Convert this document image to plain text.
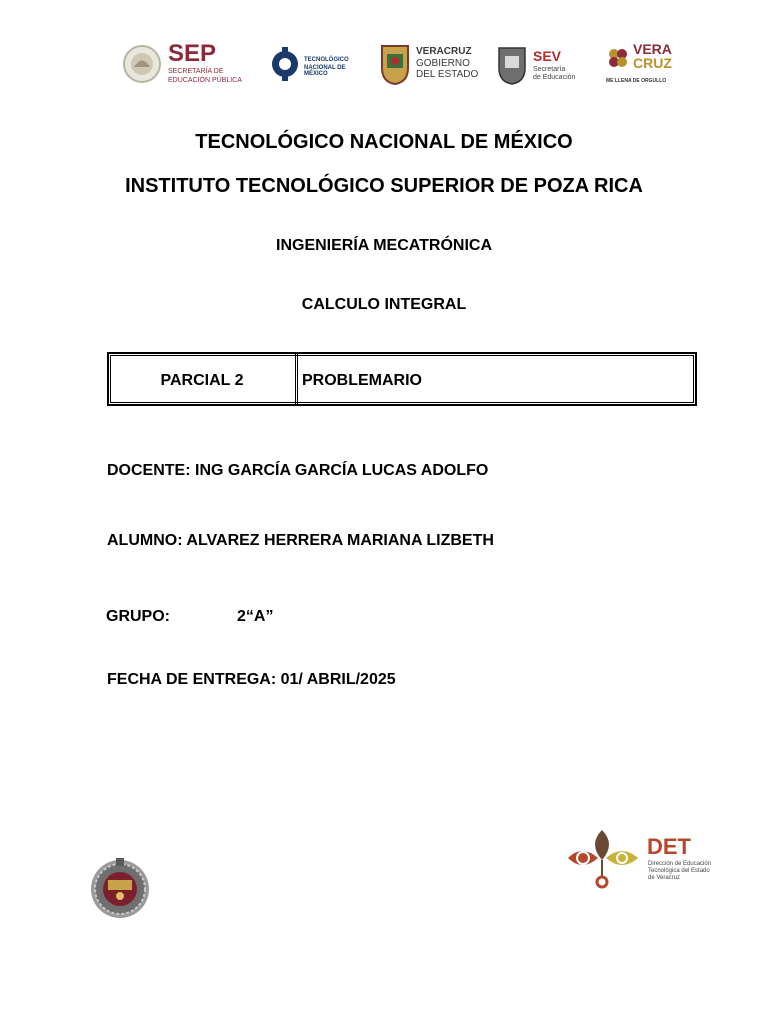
SEP
SECRETARÍA DE
EDUCACIÓN PÚBLICA
TECNOLÓGICO
NACIONAL DE MÉXICO
VERACRUZ
GOBIERNO
DEL ESTADO
SEV
Secretaría
de Educación
VERA
CRUZ
ME LLENA DE ORGULLO
TECNOLÓGICO NACIONAL DE MÉXICO
INSTITUTO TECNOLÓGICO SUPERIOR DE POZA RICA
INGENIERÍA MECATRÓNICA
CALCULO INTEGRAL
PARCIAL 2	PROBLEMARIO
DOCENTE: ING GARCÍA GARCÍA LUCAS ADOLFO
ALUMNO: ALVAREZ HERRERA MARIANA LIZBETH
GRUPO:	2“A”
FECHA DE ENTREGA: 01/ ABRIL/2025
DET
Dirección de Educación
Tecnológica del Estado
de Veracruz
